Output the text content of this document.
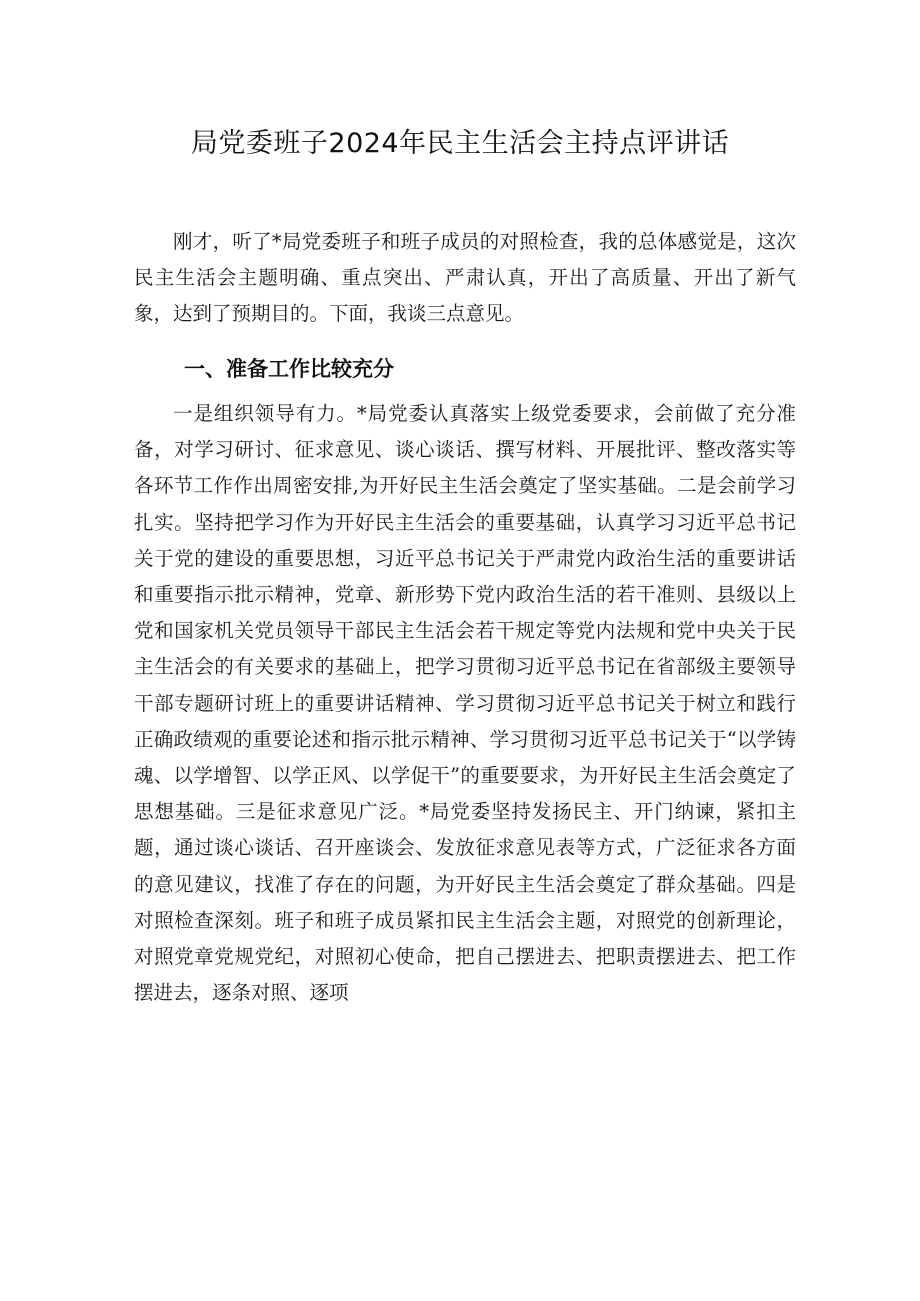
局党委班子2024年民主生活会主持点评讲话

刚才，听了*局党委班子和班子成员的对照检查，我的总体感觉是，这次民主生活会主题明确、重点突出、严肃认真，开出了高质量、开出了新气象，达到了预期目的。下面，我谈三点意见。

一、准备工作比较充分

一是组织领导有力。*局党委认真落实上级党委要求，会前做了充分准备，对学习研讨、征求意见、谈心谈话、撰写材料、开展批评、整改落实等各环节工作作出周密安排,为开好民主生活会奠定了坚实基础。二是会前学习扎实。坚持把学习作为开好民主生活会的重要基础，认真学习习近平总书记关于党的建设的重要思想，习近平总书记关于严肃党内政治生活的重要讲话和重要指示批示精神，党章、新形势下党内政治生活的若干准则、县级以上党和国家机关党员领导干部民主生活会若干规定等党内法规和党中央关于民主生活会的有关要求的基础上，把学习贯彻习近平总书记在省部级主要领导干部专题研讨班上的重要讲话精神、学习贯彻习近平总书记关于树立和践行正确政绩观的重要论述和指示批示精神、学习贯彻习近平总书记关于“以学铸魂、以学增智、以学正风、以学促干”的重要要求，为开好民主生活会奠定了思想基础。三是征求意见广泛。*局党委坚持发扬民主、开门纳谏，紧扣主题，通过谈心谈话、召开座谈会、发放征求意见表等方式，广泛征求各方面的意见建议，找准了存在的问题，为开好民主生活会奠定了群众基础。四是对照检查深刻。班子和班子成员紧扣民主生活会主题，对照党的创新理论，对照党章党规党纪，对照初心使命，把自己摆进去、把职责摆进去、把工作摆进去，逐条对照、逐项
